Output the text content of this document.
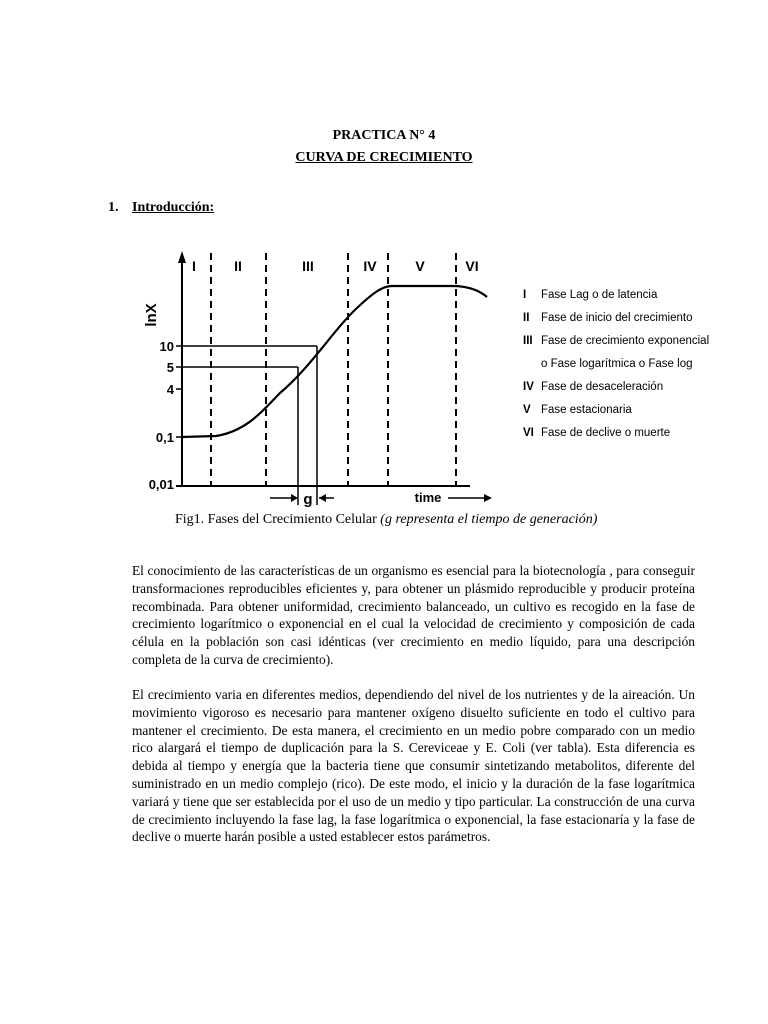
PRACTICA N° 4
CURVA DE CRECIMIENTO
1. Introducción:
lnX
10
5
4
0,1
0,01
I	II	III	IV	V	VI
g	time
I Fase Lag o de latencia
II Fase de inicio del crecimiento
III Fase de crecimiento exponencial
o Fase logarítmica o Fase log
IV Fase de desaceleración
V Fase estacionaria
VI Fase de declive o muerte
Fig1. Fases del Crecimiento Celular (g representa el tiempo de generación)

El conocimiento de las características de un organismo es esencial para la biotecnología , para conseguir transformaciones reproducibles eficientes y, para obtener un plásmido reproducible y producir proteína recombinada. Para obtener uniformidad, crecimiento balanceado, un cultivo es recogido en la fase de crecimiento logarítmico o exponencial en el cual la velocidad de crecimiento y composición de cada célula en la población son casi idénticas (ver crecimiento en medio líquido, para una descripción completa de la curva de crecimiento).

El crecimiento varia en diferentes medios, dependiendo del nivel de los nutrientes y de la aireación. Un movimiento vigoroso es necesario para mantener oxígeno disuelto suficiente en todo el cultivo para mantener el crecimiento. De esta manera, el crecimiento en un medio pobre comparado con un medio rico alargará el tiempo de duplicación para la S. Cereviceae y E. Coli (ver tabla). Esta diferencia es debida al tiempo y energía que la bacteria tiene que consumir sintetizando metabolitos, diferente del suministrado en un medio complejo (rico). De este modo, el inicio y la duración de la fase logarítmica variará y tiene que ser establecida por el uso de un medio y tipo particular. La construcción de una curva de crecimiento incluyendo la fase lag, la fase logarítmica o exponencial, la fase estacionaría y la fase de declive o muerte harán posible a usted establecer estos parámetros.
